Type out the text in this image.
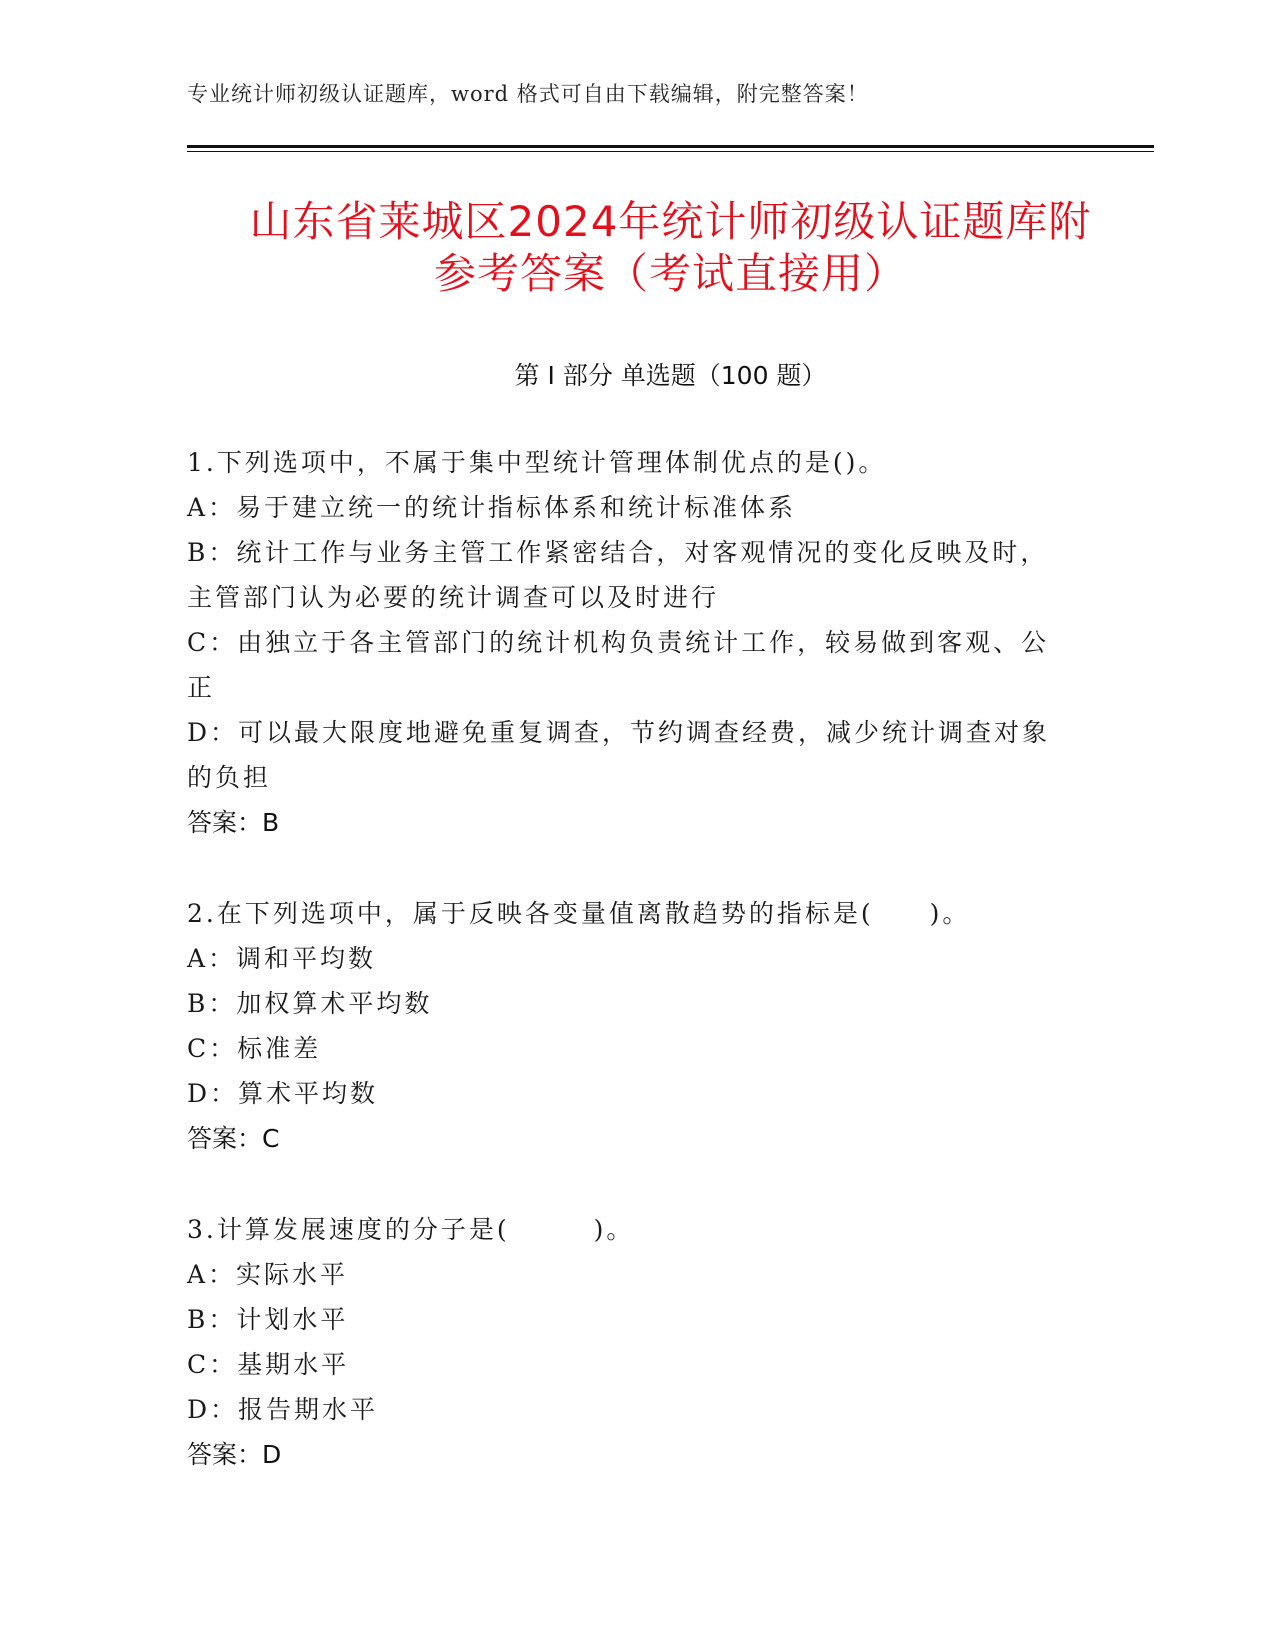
专业统计师初级认证题库，word 格式可自由下载编辑，附完整答案！
山东省莱城区2024年统计师初级认证题库附
参考答案（考试直接用）
第 I 部分 单选题（100 题）
1.下列选项中，不属于集中型统计管理体制优点的是()。
A：易于建立统一的统计指标体系和统计标准体系
B：统计工作与业务主管工作紧密结合，对客观情况的变化反映及时，
主管部门认为必要的统计调查可以及时进行
C：由独立于各主管部门的统计机构负责统计工作，较易做到客观、公
正
D：可以最大限度地避免重复调查，节约调查经费，减少统计调查对象
的负担
答案：B
2.在下列选项中，属于反映各变量值离散趋势的指标是(　　)。
A：调和平均数
B：加权算术平均数
C：标准差
D：算术平均数
答案：C
3.计算发展速度的分子是(　　　)。
A：实际水平
B：计划水平
C：基期水平
D：报告期水平
答案：D
